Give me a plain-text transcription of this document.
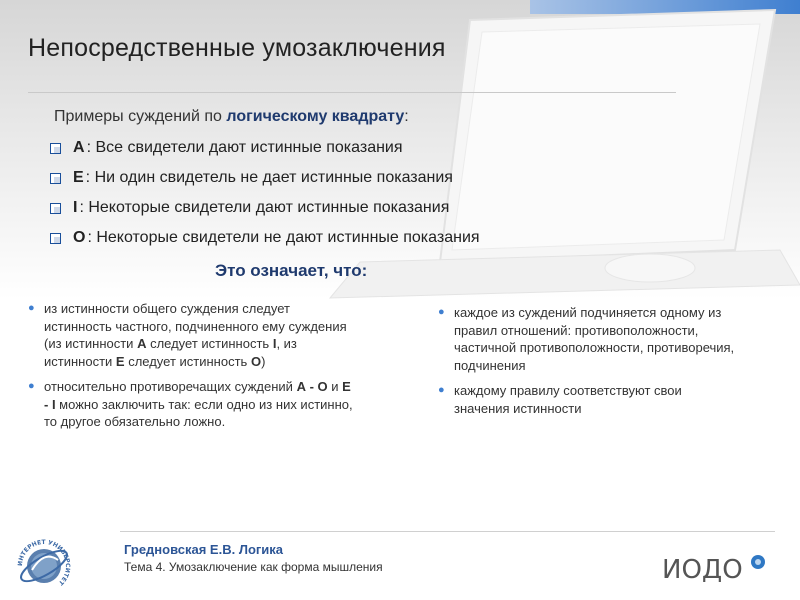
Непосредственные умозаключения
Примеры суждений по логическому квадрату:
А : Все свидетели дают истинные показания
Е : Ни один свидетель не дает истинные показания
I : Некоторые свидетели дают истинные показания
О : Некоторые свидетели не дают истинные показания
Это означает, что:
● из истинности общего суждения следует истинность частного, подчиненного ему суждения (из истинности А следует истинность I, из истинности Е следует истинность О)
● относительно противоречащих суждений А - О и Е - I можно заключить так: если одно из них истинно, то другое обязательно ложно.
● каждое из суждений подчиняется одному из правил отношений: противоположности, частичной противоположности, противоречия, подчинения
● каждому правилу соответствуют свои значения истинности
ИНТЕРНЕТ УНИВЕРСИТЕТ
Гредновская Е.В. Логика
Тема 4. Умозаключение как форма мышления	ИОДО
